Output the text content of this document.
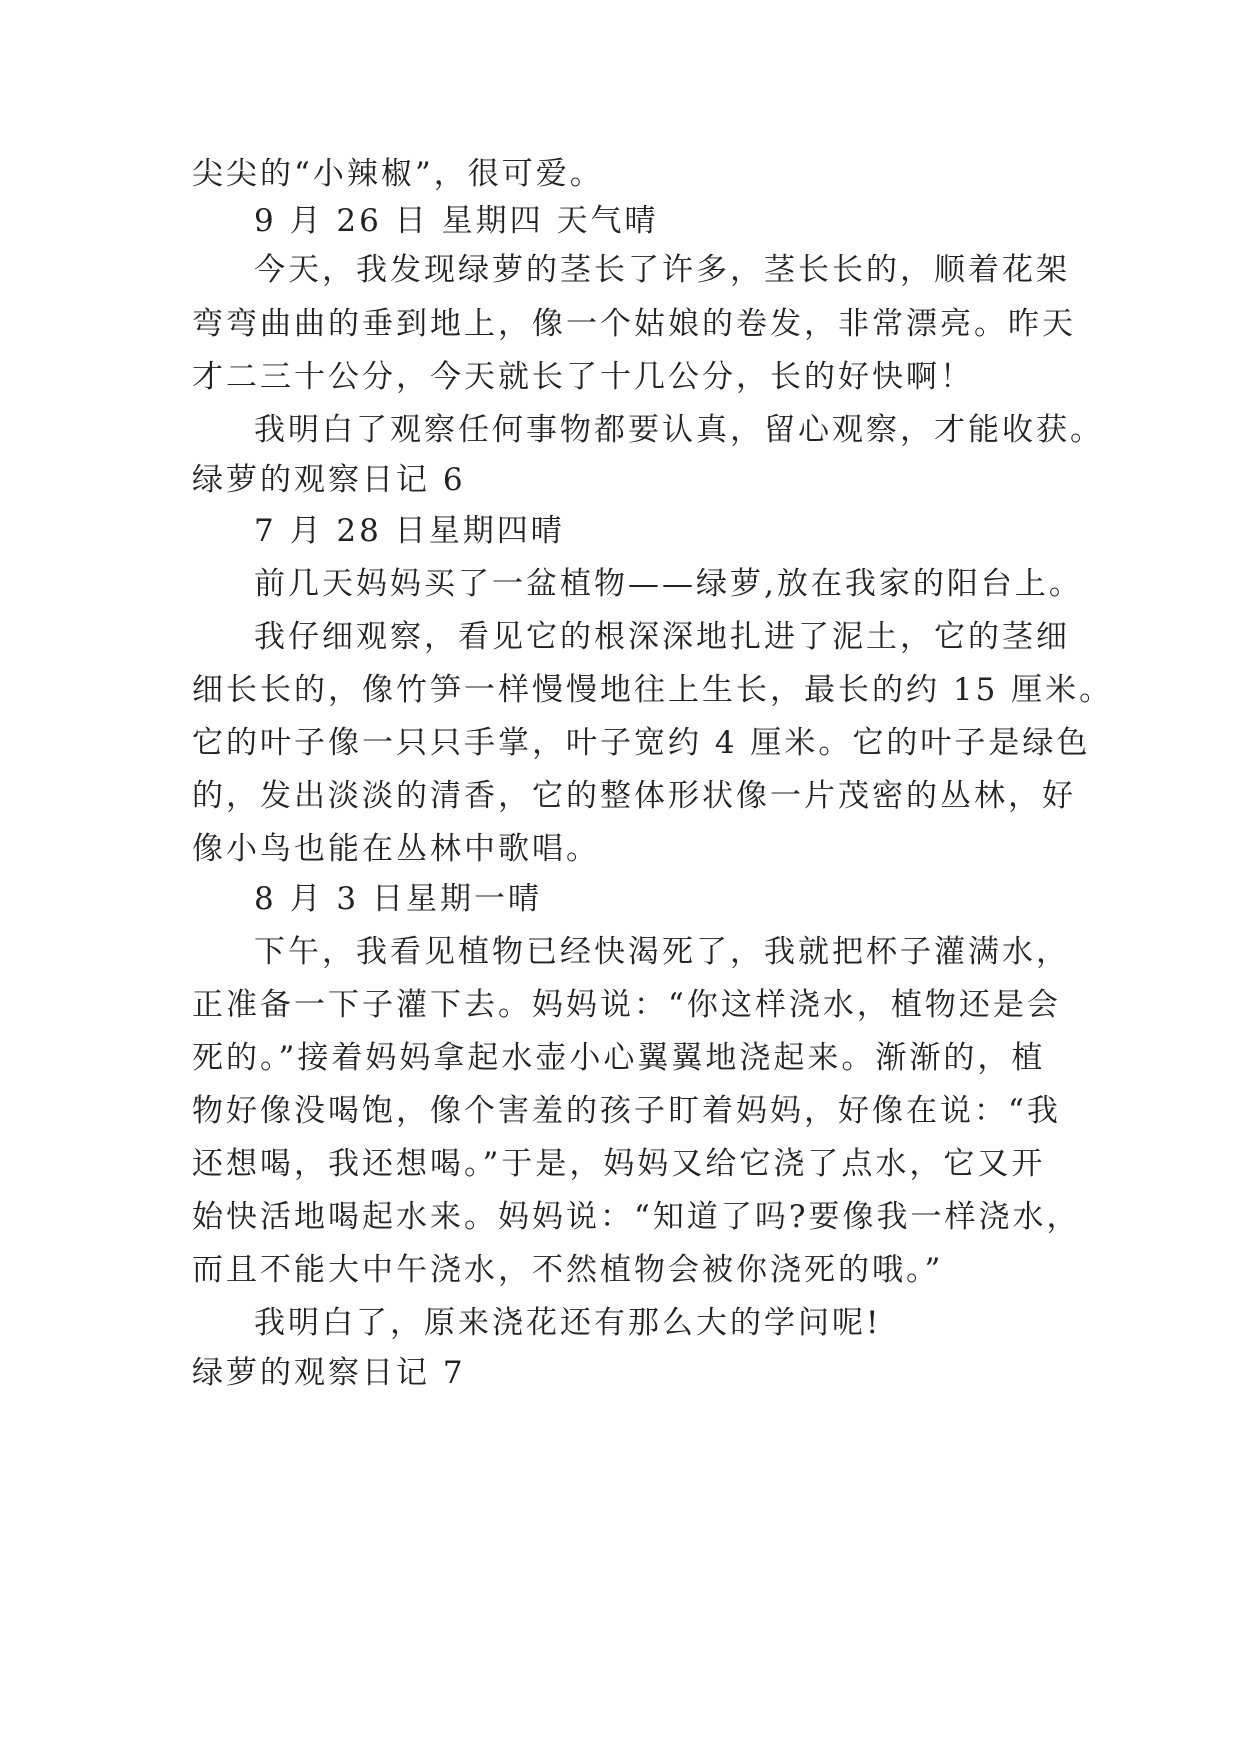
尖尖的“小辣椒”，很可爱。
9 月 26 日 星期四 天气晴
今天，我发现绿萝的茎长了许多，茎长长的，顺着花架
弯弯曲曲的垂到地上，像一个姑娘的卷发，非常漂亮。昨天
才二三十公分，今天就长了十几公分，长的好快啊！
我明白了观察任何事物都要认真，留心观察，才能收获。
绿萝的观察日记 6
7 月 28 日星期四晴
前几天妈妈买了一盆植物——绿萝,放在我家的阳台上。
我仔细观察，看见它的根深深地扎进了泥土，它的茎细
细长长的，像竹笋一样慢慢地往上生长，最长的约 15 厘米。
它的叶子像一只只手掌，叶子宽约 4 厘米。它的叶子是绿色
的，发出淡淡的清香，它的整体形状像一片茂密的丛林，好
像小鸟也能在丛林中歌唱。
8 月 3 日星期一晴
下午，我看见植物已经快渴死了，我就把杯子灌满水，
正准备一下子灌下去。妈妈说：“你这样浇水，植物还是会
死的。”接着妈妈拿起水壶小心翼翼地浇起来。渐渐的，植
物好像没喝饱，像个害羞的孩子盯着妈妈，好像在说：“我
还想喝，我还想喝。”于是，妈妈又给它浇了点水，它又开
始快活地喝起水来。妈妈说：“知道了吗?要像我一样浇水，
而且不能大中午浇水，不然植物会被你浇死的哦。”
我明白了，原来浇花还有那么大的学问呢!
绿萝的观察日记 7
